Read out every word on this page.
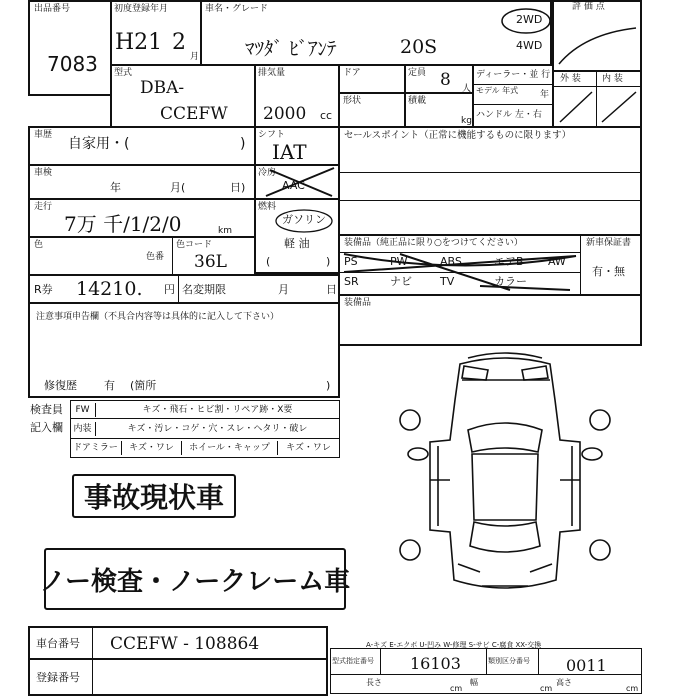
出品番号
7083
初度登録年月
H21 2
月
車名・グレード
ﾏﾂﾀﾞ ﾋﾞｱﾝﾃ	20S
2WD
4WD
評 価 点
型式
DBA-
CCEFW
排気量
2000 cc
ドア	定員 8 人
形状	積載
kg
ディーラー・並 行
モデル 年式 年
ハンドル 左・右
外 装 内 装
車歴
自家用・(	)
シフト
IAT
セールスポイント（正常に機能するものに限ります）
車検
年	月(	日)
冷房
AAC
走行
7万 千/1/2/0	km
燃料
ガソリン
軽 油
(	)
色
色番
色コード
36L
R券 14210. 円 名変期限	月	日
装備品（純正品に限り○をつけてください）	新車保証書
有・無
PS	PW	ABS	エアB AW
SR	ナビ	TV	カラー
装備品
注意事項申告欄（不具合内容等は具体的に記入して下さい）
修復歴 有 (箇所	)
検査員
記入欄
FW	キズ・飛石・ヒビ割・リペア跡・X要
内装	キズ・汚レ・コゲ・穴・スレ・ヘタリ・破レ
ドアミラー	キズ・ワレ	ホイール・キャップ	キズ・ワレ
事故現状車
ノー検査・ノークレーム車
車台番号 CCEFW - 108864
登録番号
A-キズ E-エクボ U-凹み W-修理 S-サビ C-腐食 XX-交換
型式指定番号 16103	類別区分番号 0011
長さ
cm
幅
cm
高さ
cm
